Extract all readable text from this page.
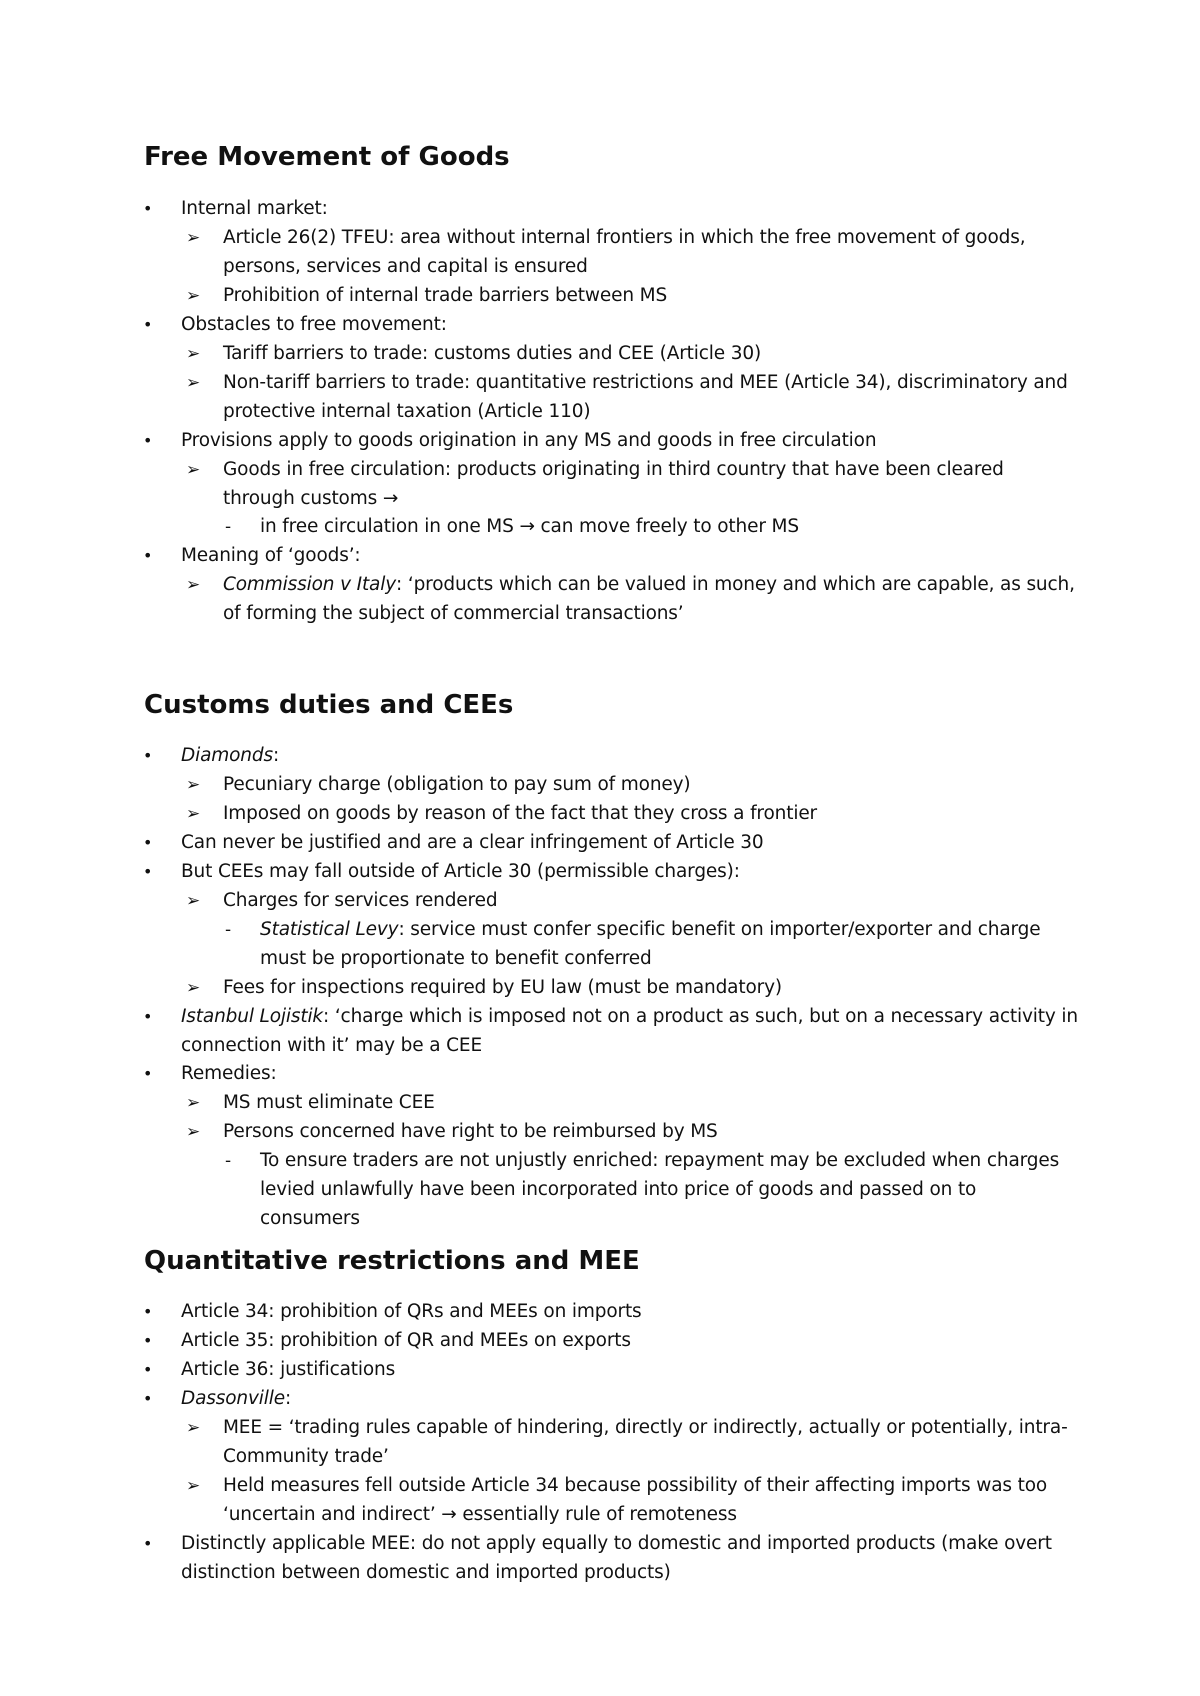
Free Movement of Goods
• Internal market:
➢ Article 26(2) TFEU: area without internal frontiers in which the free movement of goods,
persons, services and capital is ensured
➢ Prohibition of internal trade barriers between MS
• Obstacles to free movement:
➢ Tariff barriers to trade: customs duties and CEE (Article 30)
➢ Non-tariff barriers to trade: quantitative restrictions and MEE (Article 34), discriminatory and
protective internal taxation (Article 110)
• Provisions apply to goods origination in any MS and goods in free circulation
➢ Goods in free circulation: products originating in third country that have been cleared
through customs →
- in free circulation in one MS → can move freely to other MS
• Meaning of ‘goods’:
➢ Commission v Italy: ‘products which can be valued in money and which are capable, as such,
of forming the subject of commercial transactions’
Customs duties and CEEs
• Diamonds:
➢ Pecuniary charge (obligation to pay sum of money)
➢ Imposed on goods by reason of the fact that they cross a frontier
• Can never be justified and are a clear infringement of Article 30
• But CEEs may fall outside of Article 30 (permissible charges):
➢ Charges for services rendered
- Statistical Levy: service must confer specific benefit on importer/exporter and charge
must be proportionate to benefit conferred
➢ Fees for inspections required by EU law (must be mandatory)
• Istanbul Lojistik: ‘charge which is imposed not on a product as such, but on a necessary activity in
connection with it’ may be a CEE
• Remedies:
➢ MS must eliminate CEE
➢ Persons concerned have right to be reimbursed by MS
- To ensure traders are not unjustly enriched: repayment may be excluded when charges
levied unlawfully have been incorporated into price of goods and passed on to
consumers
Quantitative restrictions and MEE
• Article 34: prohibition of QRs and MEEs on imports
• Article 35: prohibition of QR and MEEs on exports
• Article 36: justifications
• Dassonville:
➢ MEE = ‘trading rules capable of hindering, directly or indirectly, actually or potentially, intra-
Community trade’
➢ Held measures fell outside Article 34 because possibility of their affecting imports was too
‘uncertain and indirect’ → essentially rule of remoteness
• Distinctly applicable MEE: do not apply equally to domestic and imported products (make overt
distinction between domestic and imported products)
